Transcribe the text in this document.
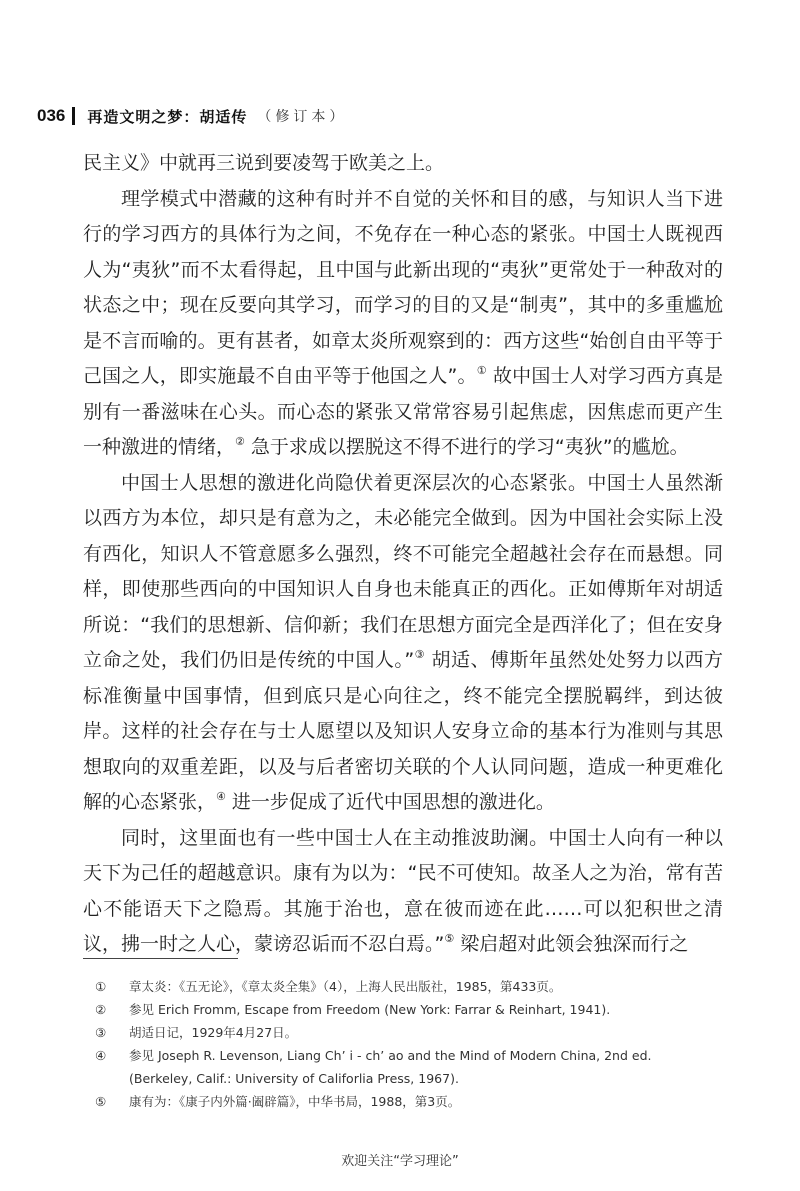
036 再造文明之梦：胡适传 （修订本）

民主义》中就再三说到要凌驾于欧美之上。

理学模式中潜藏的这种有时并不自觉的关怀和目的感，与知识人当下进行的学习西方的具体行为之间，不免存在一种心态的紧张。中国士人既视西人为“夷狄”而不太看得起，且中国与此新出现的“夷狄”更常处于一种敌对的状态之中；现在反要向其学习，而学习的目的又是“制夷”，其中的多重尴尬是不言而喻的。更有甚者，如章太炎所观察到的：西方这些“始创自由平等于己国之人，即实施最不自由平等于他国之人”。① 故中国士人对学习西方真是别有一番滋味在心头。而心态的紧张又常常容易引起焦虑，因焦虑而更产生一种激进的情绪，② 急于求成以摆脱这不得不进行的学习“夷狄”的尴尬。

中国士人思想的激进化尚隐伏着更深层次的心态紧张。中国士人虽然渐以西方为本位，却只是有意为之，未必能完全做到。因为中国社会实际上没有西化，知识人不管意愿多么强烈，终不可能完全超越社会存在而悬想。同样，即使那些西向的中国知识人自身也未能真正的西化。正如傅斯年对胡适所说：“我们的思想新、信仰新；我们在思想方面完全是西洋化了；但在安身立命之处，我们仍旧是传统的中国人。”③ 胡适、傅斯年虽然处处努力以西方标准衡量中国事情，但到底只是心向往之，终不能完全摆脱羁绊，到达彼岸。这样的社会存在与士人愿望以及知识人安身立命的基本行为准则与其思想取向的双重差距，以及与后者密切关联的个人认同问题，造成一种更难化解的心态紧张，④ 进一步促成了近代中国思想的激进化。

同时，这里面也有一些中国士人在主动推波助澜。中国士人向有一种以天下为己任的超越意识。康有为以为：“民不可使知。故圣人之为治，常有苦心不能语天下之隐焉。其施于治也，意在彼而迹在此……可以犯积世之清议，拂一时之人心，蒙谤忍诟而不忍白焉。”⑤ 梁启超对此领会独深而行之

①	章太炎：《五无论》，《章太炎全集》（4），上海人民出版社，1985，第433页。
②	参见 Erich Fromm, Escape from Freedom (New York: Farrar & Reinhart, 1941).
③	胡适日记，1929年4月27日。
④	参见 Joseph R. Levenson, Liang Ch’ i - ch’ ao and the Mind of Modern China, 2nd ed.
(Berkeley, Calif.: University of Califorlia Press, 1967).
⑤	康有为：《康子内外篇·阖辟篇》，中华书局，1988，第3页。
欢迎关注“学习理论”
